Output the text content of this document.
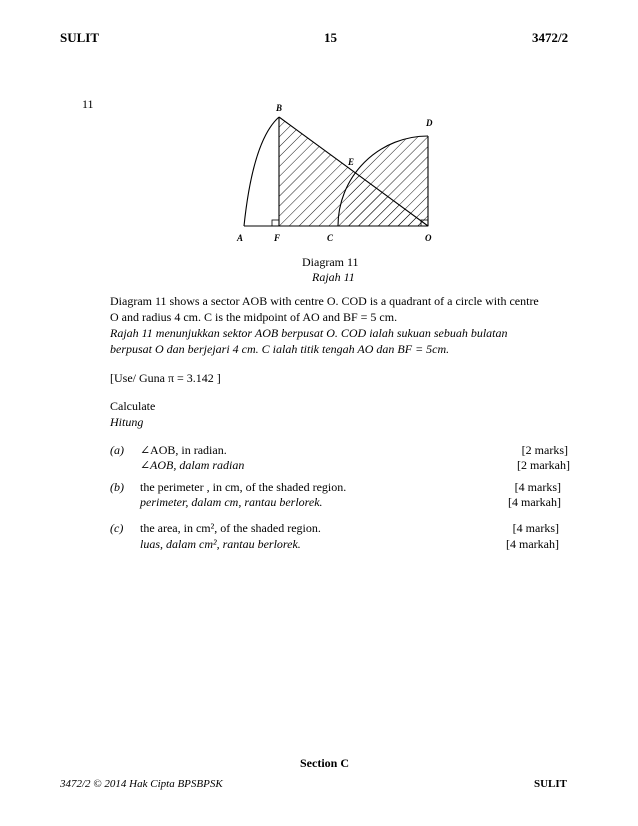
SULIT	15	3472/2
11	B
D
E
A	F	C	O
Diagram 11
Rajah 11
Diagram 11 shows a sector AOB with centre O. COD is a quadrant of a circle with centre
O and radius 4 cm. C is the midpoint of AO and BF = 5 cm.
Rajah 11 menunjukkan sektor AOB berpusat O. COD ialah sukuan sebuah bulatan
berpusat O dan berjejari 4 cm. C ialah titik tengah AO dan BF = 5cm.
[Use/ Guna π = 3.142 ]
Calculate
Hitung
(a) ∠AOB, in radian.
∠AOB, dalam radian
[2 marks]
[2 markah]
(b) the perimeter , in cm, of the shaded region.
perimeter, dalam cm, rantau berlorek.
[4 marks]
[4 markah]
(c) the area, in cm², of the shaded region.
luas, dalam cm², rantau berlorek.
[4 marks]
[4 markah]
Section C
3472/2 © 2014 Hak Cipta BPSBPSK	SULIT
